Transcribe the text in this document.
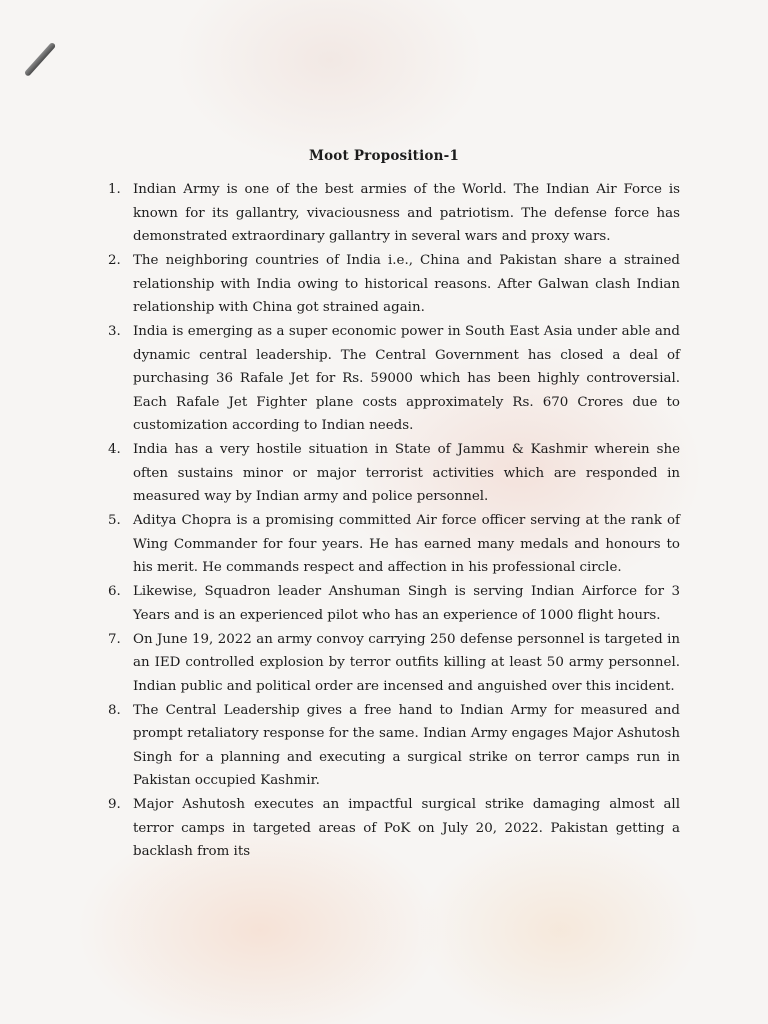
Moot Proposition-1
1. Indian Army is one of the best armies of the World. The Indian Air Force is known for its gallantry, vivaciousness and patriotism. The defense force has demonstrated extraordinary gallantry in several wars and proxy wars.
2. The neighboring countries of India i.e., China and Pakistan share a strained relationship with India owing to historical reasons. After Galwan clash Indian relationship with China got strained again.
3. India is emerging as a super economic power in South East Asia under able and dynamic central leadership. The Central Government has closed a deal of purchasing 36 Rafale Jet for Rs. 59000 which has been highly controversial. Each Rafale Jet Fighter plane costs approximately Rs. 670 Crores due to customization according to Indian needs.
4. India has a very hostile situation in State of Jammu & Kashmir wherein she often sustains minor or major terrorist activities which are responded in measured way by Indian army and police personnel.
5. Aditya Chopra is a promising committed Air force officer serving at the rank of Wing Commander for four years. He has earned many medals and honours to his merit. He commands respect and affection in his professional circle.
6. Likewise, Squadron leader Anshuman Singh is serving Indian Airforce for 3 Years and is an experienced pilot who has an experience of 1000 flight hours.
7. On June 19, 2022 an army convoy carrying 250 defense personnel is targeted in an IED controlled explosion by terror outfits killing at least 50 army personnel. Indian public and political order are incensed and anguished over this incident.
8. The Central Leadership gives a free hand to Indian Army for measured and prompt retaliatory response for the same. Indian Army engages Major Ashutosh Singh for a planning and executing a surgical strike on terror camps run in Pakistan occupied Kashmir.
9. Major Ashutosh executes an impactful surgical strike damaging almost all terror camps in targeted areas of PoK on July 20, 2022. Pakistan getting a backlash from its
